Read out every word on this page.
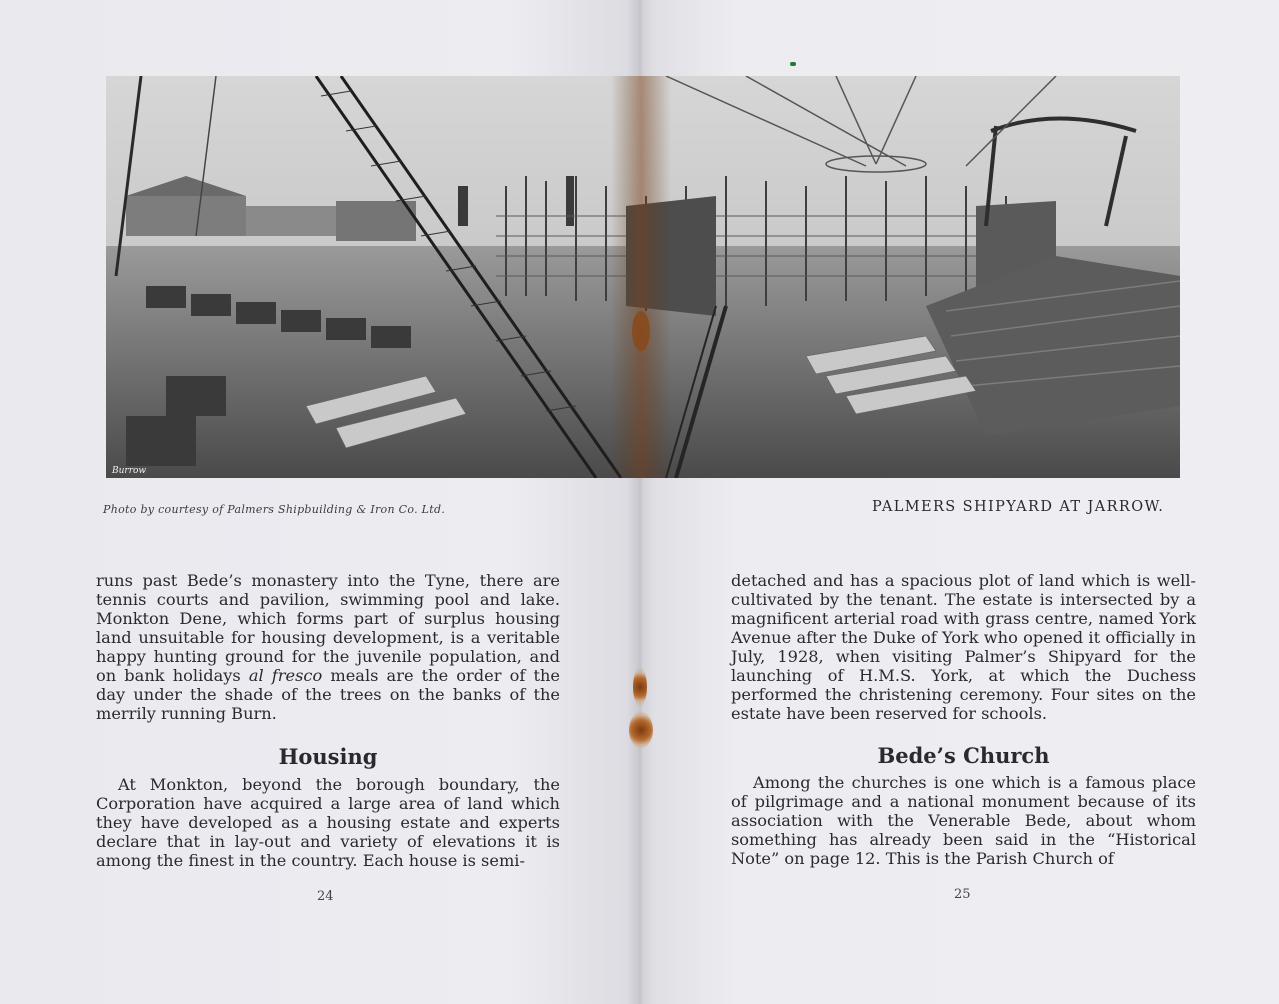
Burrow
Photo by courtesy of Palmers Shipbuilding & Iron Co. Ltd.	PALMERS SHIPYARD AT JARROW.

runs past Bede’s monastery into the Tyne, there are tennis courts and pavilion, swimming pool and lake. Monkton Dene, which forms part of surplus housing land unsuitable for housing development, is a veritable happy hunting ground for the juvenile population, and on bank holidays al fresco meals are the order of the day under the shade of the trees on the banks of the merrily running Burn.

Housing

At Monkton, beyond the borough boundary, the Corporation have acquired a large area of land which they have developed as a housing estate and experts declare that in lay-out and variety of elevations it is among the finest in the country. Each house is semi-

24

detached and has a spacious plot of land which is well-cultivated by the tenant. The estate is intersected by a magnificent arterial road with grass centre, named York Avenue after the Duke of York who opened it officially in July, 1928, when visiting Palmer’s Shipyard for the launching of H.M.S. York, at which the Duchess performed the christening ceremony. Four sites on the estate have been reserved for schools.

Bede’s Church

Among the churches is one which is a famous place of pilgrimage and a national monument because of its association with the Venerable Bede, about whom something has already been said in the “Historical Note” on page 12. This is the Parish Church of

25
